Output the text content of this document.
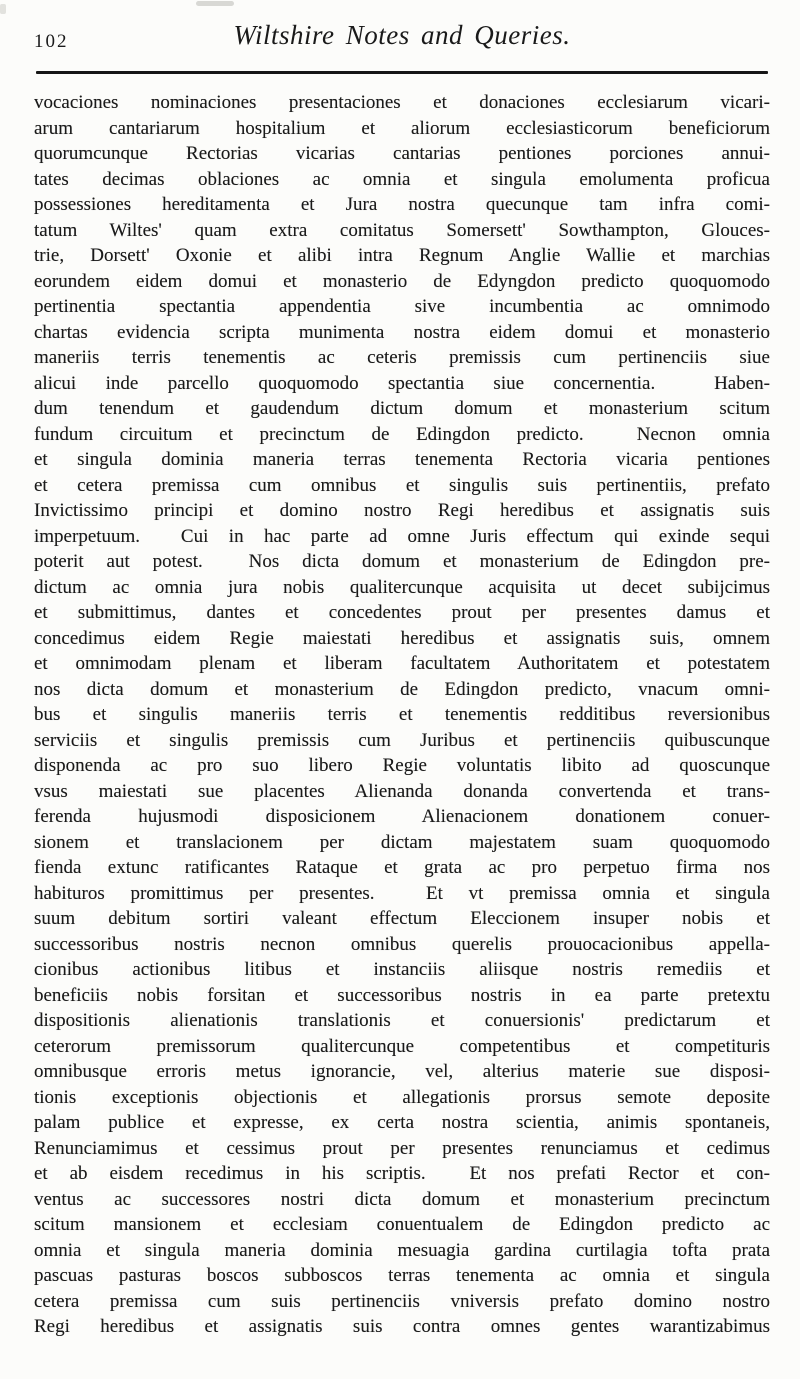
102	Wiltshire Notes and Queries.
vocaciones nominaciones presentaciones et donaciones ecclesiarum vicari-
arum cantariarum hospitalium et aliorum ecclesiasticorum beneficiorum
quorumcunque Rectorias vicarias cantarias pentiones porciones annui-
tates decimas oblaciones ac omnia et singula emolumenta proficua
possessiones hereditamenta et Jura nostra quecunque tam infra comi-
tatum Wiltes' quam extra comitatus Somersett' Sowthampton, Glouces-
trie, Dorsett' Oxonie et alibi intra Regnum Anglie Wallie et marchias
eorundem eidem domui et monasterio de Edyngdon predicto quoquomodo
pertinentia spectantia appendentia sive incumbentia ac omnimodo
chartas evidencia scripta munimenta nostra eidem domui et monasterio
maneriis terris tenementis ac ceteris premissis cum pertinenciis siue
alicui inde parcello quoquomodo spectantia siue concernentia.  Haben-
dum tenendum et gaudendum dictum domum et monasterium scitum
fundum circuitum et precinctum de Edingdon predicto.  Necnon omnia
et singula dominia maneria terras tenementa Rectoria vicaria pentiones
et cetera premissa cum omnibus et singulis suis pertinentiis, prefato
Invictissimo principi et domino nostro Regi heredibus et assignatis suis
imperpetuum.  Cui in hac parte ad omne Juris effectum qui exinde sequi
poterit aut potest.  Nos dicta domum et monasterium de Edingdon pre-
dictum ac omnia jura nobis qualitercunque acquisita ut decet subijcimus
et submittimus, dantes et concedentes prout per presentes damus et
concedimus eidem Regie maiestati heredibus et assignatis suis, omnem
et omnimodam plenam et liberam facultatem Authoritatem et potestatem
nos dicta domum et monasterium de Edingdon predicto, vnacum omni-
bus et singulis maneriis terris et tenementis redditibus reversionibus
serviciis et singulis premissis cum Juribus et pertinenciis quibuscunque
disponenda ac pro suo libero Regie voluntatis libito ad quoscunque
vsus maiestati sue placentes Alienanda donanda convertenda et trans-
ferenda hujusmodi disposicionem Alienacionem donationem conuer-
sionem et translacionem per dictam majestatem suam quoquomodo
fienda extunc ratificantes Rataque et grata ac pro perpetuo firma nos
habituros promittimus per presentes.  Et vt premissa omnia et singula
suum debitum sortiri valeant effectum Eleccionem insuper nobis et
successoribus nostris necnon omnibus querelis prouocacionibus appella-
cionibus actionibus litibus et instanciis aliisque nostris remediis et
beneficiis nobis forsitan et successoribus nostris in ea parte pretextu
dispositionis alienationis translationis et conuersionis' predictarum et
ceterorum premissorum qualitercunque competentibus et competituris
omnibusque erroris metus ignorancie, vel, alterius materie sue disposi-
tionis exceptionis objectionis et allegationis prorsus semote deposite
palam publice et expresse, ex certa nostra scientia, animis spontaneis,
Renunciamimus et cessimus prout per presentes renunciamus et cedimus
et ab eisdem recedimus in his scriptis.  Et nos prefati Rector et con-
ventus ac successores nostri dicta domum et monasterium precinctum
scitum mansionem et ecclesiam conuentualem de Edingdon predicto ac
omnia et singula maneria dominia mesuagia gardina curtilagia tofta prata
pascuas pasturas boscos subboscos terras tenementa ac omnia et singula
cetera premissa cum suis pertinenciis vniversis prefato domino nostro
Regi heredibus et assignatis suis contra omnes gentes warantizabimus
